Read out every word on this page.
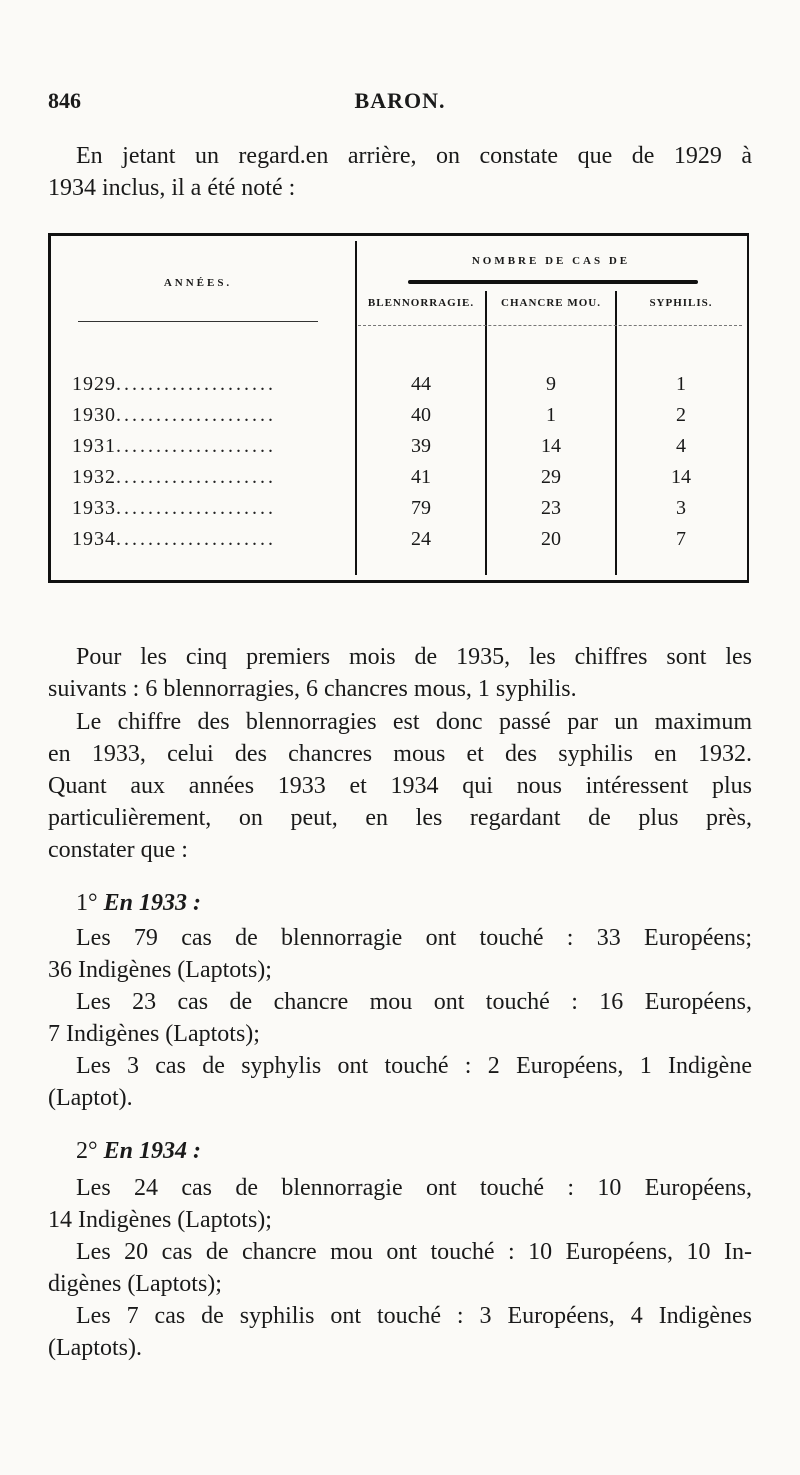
846	BARON.
En jetant un regard.en arrière, on constate que de 1929 à
1934 inclus, il a été noté :
ANNÉES.
NOMBRE DE CAS DE
BLENNORRAGIE.	CHANCRE MOU.	SYPHILIS.
1929....................	44	9	1
1930....................	40	1	2
1931....................	39	14	4
1932....................	41	29	14
1933....................	79	23	3
1934....................	24	20	7
Pour les cinq premiers mois de 1935, les chiffres sont les
suivants : 6 blennorragies, 6 chancres mous, 1 syphilis.
Le chiffre des blennorragies est donc passé par un maximum
en 1933, celui des chancres mous et des syphilis en 1932.
Quant aux années 1933 et 1934 qui nous intéressent plus
particulièrement, on peut, en les regardant de plus près,
constater que :
1° En 1933 :
Les 79 cas de blennorragie ont touché : 33 Européens;
36 Indigènes (Laptots);
Les 23 cas de chancre mou ont touché : 16 Européens,
7 Indigènes (Laptots);
Les 3 cas de syphylis ont touché : 2 Européens, 1 Indigène
(Laptot).
2° En 1934 :
Les 24 cas de blennorragie ont touché : 10 Européens,
14 Indigènes (Laptots);
Les 20 cas de chancre mou ont touché : 10 Européens, 10 In-
digènes (Laptots);
Les 7 cas de syphilis ont touché : 3 Européens, 4 Indigènes
(Laptots).
